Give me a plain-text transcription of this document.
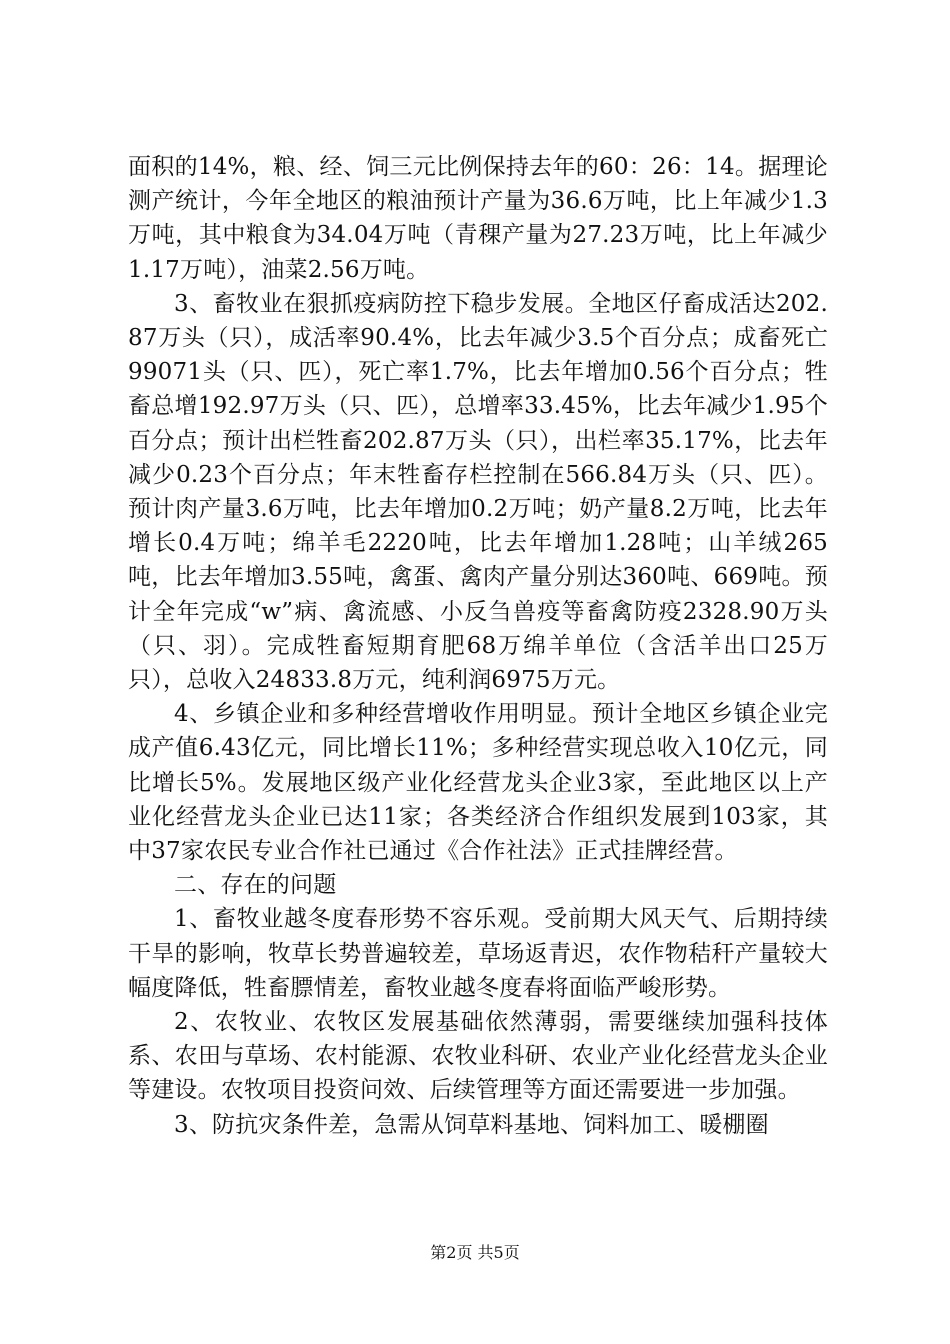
面积的14%，粮、经、饲三元比例保持去年的60：26：14。据理论测产统计，今年全地区的粮油预计产量为36.6万吨，比上年减少1.3万吨，其中粮食为34.04万吨（青稞产量为27.23万吨，比上年减少1.17万吨），油菜2.56万吨。

3、畜牧业在狠抓疫病防控下稳步发展。全地区仔畜成活达202.87万头（只），成活率90.4%，比去年减少3.5个百分点；成畜死亡99071头（只、匹），死亡率1.7%，比去年增加0.56个百分点；牲畜总增192.97万头（只、匹），总增率33.45%，比去年减少1.95个百分点；预计出栏牲畜202.87万头（只），出栏率35.17%，比去年减少0.23个百分点；年末牲畜存栏控制在566.84万头（只、匹）。预计肉产量3.6万吨，比去年增加0.2万吨；奶产量8.2万吨，比去年增长0.4万吨；绵羊毛2220吨，比去年增加1.28吨；山羊绒265吨，比去年增加3.55吨，禽蛋、禽肉产量分别达360吨、669吨。预计全年完成“w”病、禽流感、小反刍兽疫等畜禽防疫2328.90万头（只、羽）。完成牲畜短期育肥68万绵羊单位（含活羊出口25万只），总收入24833.8万元，纯利润6975万元。

4、乡镇企业和多种经营增收作用明显。预计全地区乡镇企业完成产值6.43亿元，同比增长11%；多种经营实现总收入10亿元，同比增长5%。发展地区级产业化经营龙头企业3家，至此地区以上产业化经营龙头企业已达11家；各类经济合作组织发展到103家，其中37家农民专业合作社已通过《合作社法》正式挂牌经营。

二、存在的问题

1、畜牧业越冬度春形势不容乐观。受前期大风天气、后期持续干旱的影响，牧草长势普遍较差，草场返青迟，农作物秸秆产量较大幅度降低，牲畜膘情差，畜牧业越冬度春将面临严峻形势。

2、农牧业、农牧区发展基础依然薄弱，需要继续加强科技体系、农田与草场、农村能源、农牧业科研、农业产业化经营龙头企业等建设。农牧项目投资问效、后续管理等方面还需要进一步加强。

3、防抗灾条件差，急需从饲草料基地、饲料加工、暖棚圈

第2页 共5页
